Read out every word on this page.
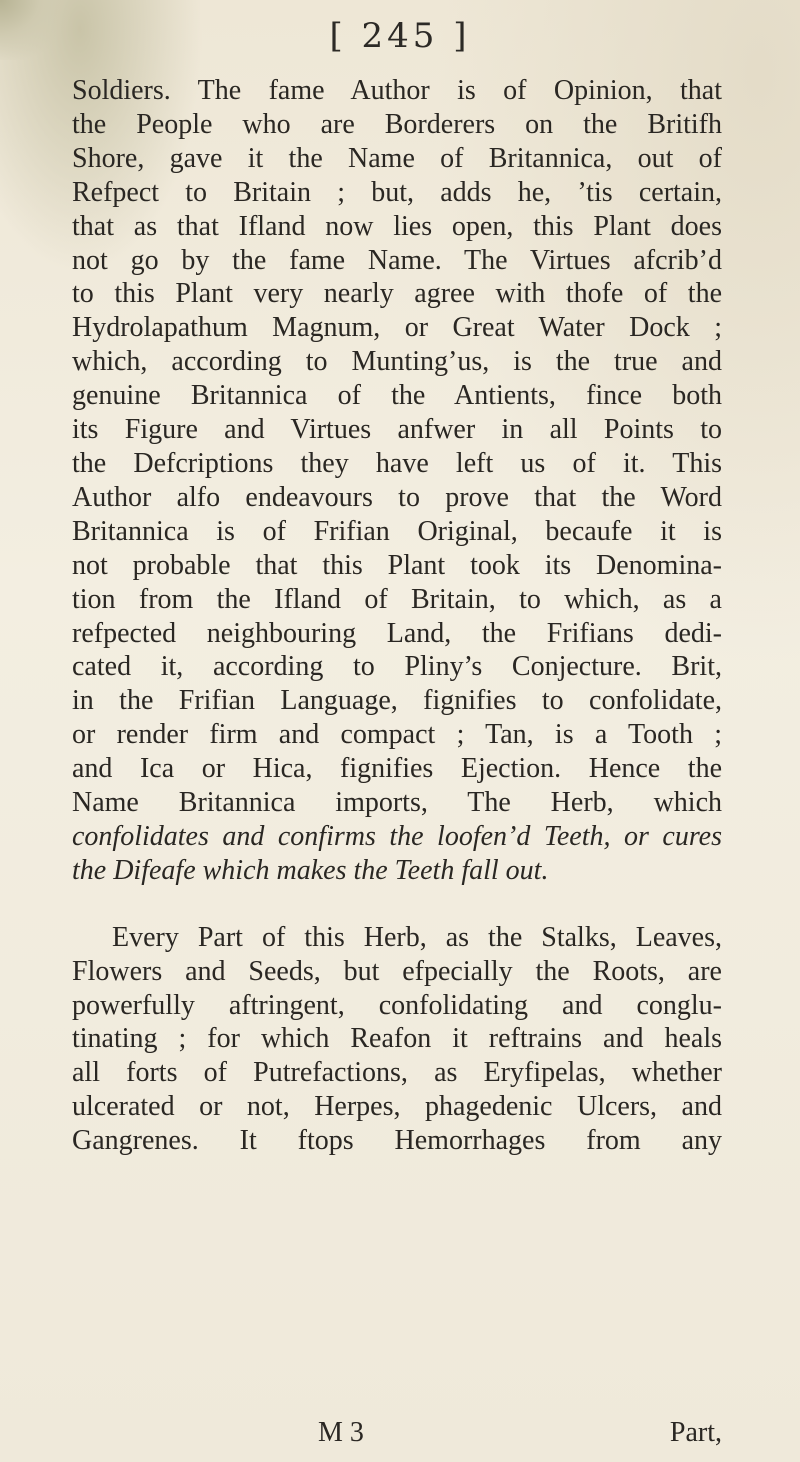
[ 245 ]

Soldiers. The fame Author is of Opinion, that
the People who are Borderers on the Britifh
Shore, gave it the Name of Britannica, out of
Refpect to Britain ; but, adds he, ’tis certain,
that as that Ifland now lies open, this Plant does
not go by the fame Name. The Virtues afcrib’d
to this Plant very nearly agree with thofe of the
Hydrolapathum Magnum, or Great Water Dock ;
which, according to Munting’us, is the true and
genuine Britannica of the Antients, fince both
its Figure and Virtues anfwer in all Points to
the Defcriptions they have left us of it. This
Author alfo endeavours to prove that the Word
Britannica is of Frifian Original, becaufe it is
not probable that this Plant took its Denomina-
tion from the Ifland of Britain, to which, as a
refpected neighbouring Land, the Frifians dedi-
cated it, according to Pliny’s Conjecture. Brit,
in the Frifian Language, fignifies to confolidate,
or render firm and compact ; Tan, is a Tooth ;
and Ica or Hica, fignifies Ejection. Hence the
Name Britannica imports, The Herb, which
confolidates and confirms the loofen’d Teeth, or cures
the Difeafe which makes the Teeth fall out.

Every Part of this Herb, as the Stalks, Leaves,
Flowers and Seeds, but efpecially the Roots, are
powerfully aftringent, confolidating and conglu-
tinating ; for which Reafon it reftrains and heals
all forts of Putrefactions, as Eryfipelas, whether
ulcerated or not, Herpes, phagedenic Ulcers, and
Gangrenes. It ftops Hemorrhages from any

M 3	Part,
